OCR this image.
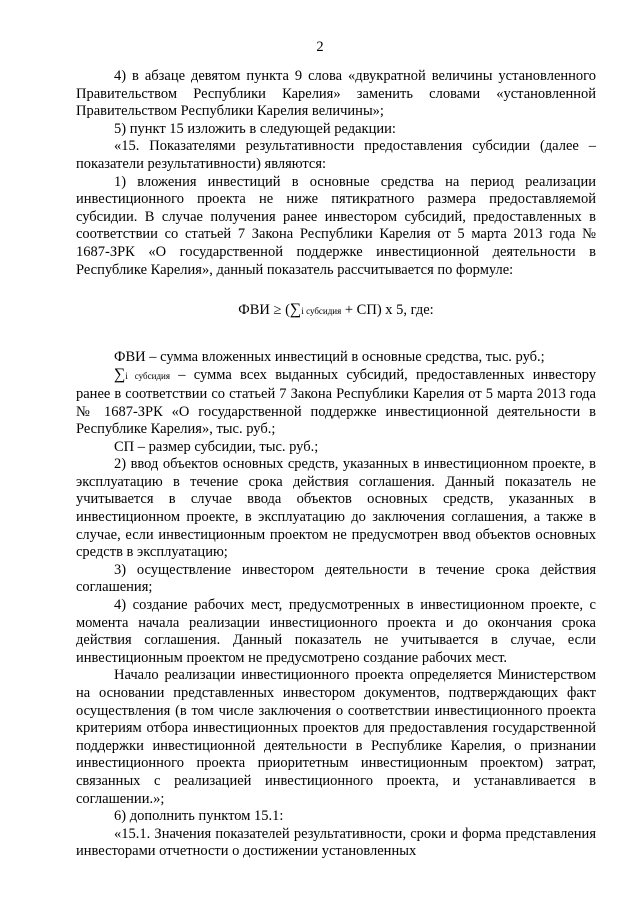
2

4) в абзаце девятом пункта 9 слова «двукратной величины установленного Правительством Республики Карелия» заменить словами «установленной Правительством Республики Карелия величины»;

5) пункт 15 изложить в следующей редакции:

«15. Показателями результативности предоставления субсидии (далее – показатели результативности) являются:

1) вложения инвестиций в основные средства на период реализации инвестиционного проекта не ниже пятикратного размера предоставляемой субсидии. В случае получения ранее инвестором субсидий, предоставленных в соответствии со статьей 7 Закона Республики Карелия от 5 марта 2013 года № 1687-ЗРК «О государственной поддержке инвестиционной деятельности в Республике Карелия», данный показатель рассчитывается по формуле:

ФВИ ≥ (∑i субсидия + СП) х 5, где:

ФВИ – сумма вложенных инвестиций в основные средства, тыс. руб.;

∑i субсидия – сумма всех выданных субсидий, предоставленных инвестору ранее в соответствии со статьей 7 Закона Республики Карелия от 5 марта 2013 года № 1687-ЗРК «О государственной поддержке инвестиционной деятельности в Республике Карелия», тыс. руб.;

СП – размер субсидии, тыс. руб.;

2) ввод объектов основных средств, указанных в инвестиционном проекте, в эксплуатацию в течение срока действия соглашения. Данный показатель не учитывается в случае ввода объектов основных средств, указанных в инвестиционном проекте, в эксплуатацию до заключения соглашения, а также в случае, если инвестиционным проектом не предусмотрен ввод объектов основных средств в эксплуатацию;

3) осуществление инвестором деятельности в течение срока действия соглашения;

4) создание рабочих мест, предусмотренных в инвестиционном проекте, с момента начала реализации инвестиционного проекта и до окончания срока действия соглашения. Данный показатель не учитывается в случае, если инвестиционным проектом не предусмотрено создание рабочих мест.

Начало реализации инвестиционного проекта определяется Министерством на основании представленных инвестором документов, подтверждающих факт осуществления (в том числе заключения о соответствии инвестиционного проекта критериям отбора инвестиционных проектов для предоставления государственной поддержки инвестиционной деятельности в Республике Карелия, о признании инвестиционного проекта приоритетным инвестиционным проектом) затрат, связанных с реализацией инвестиционного проекта, и устанавливается в соглашении.»;

6) дополнить пунктом 15.1:

«15.1. Значения показателей результативности, сроки и форма представления инвесторами отчетности о достижении установленных
